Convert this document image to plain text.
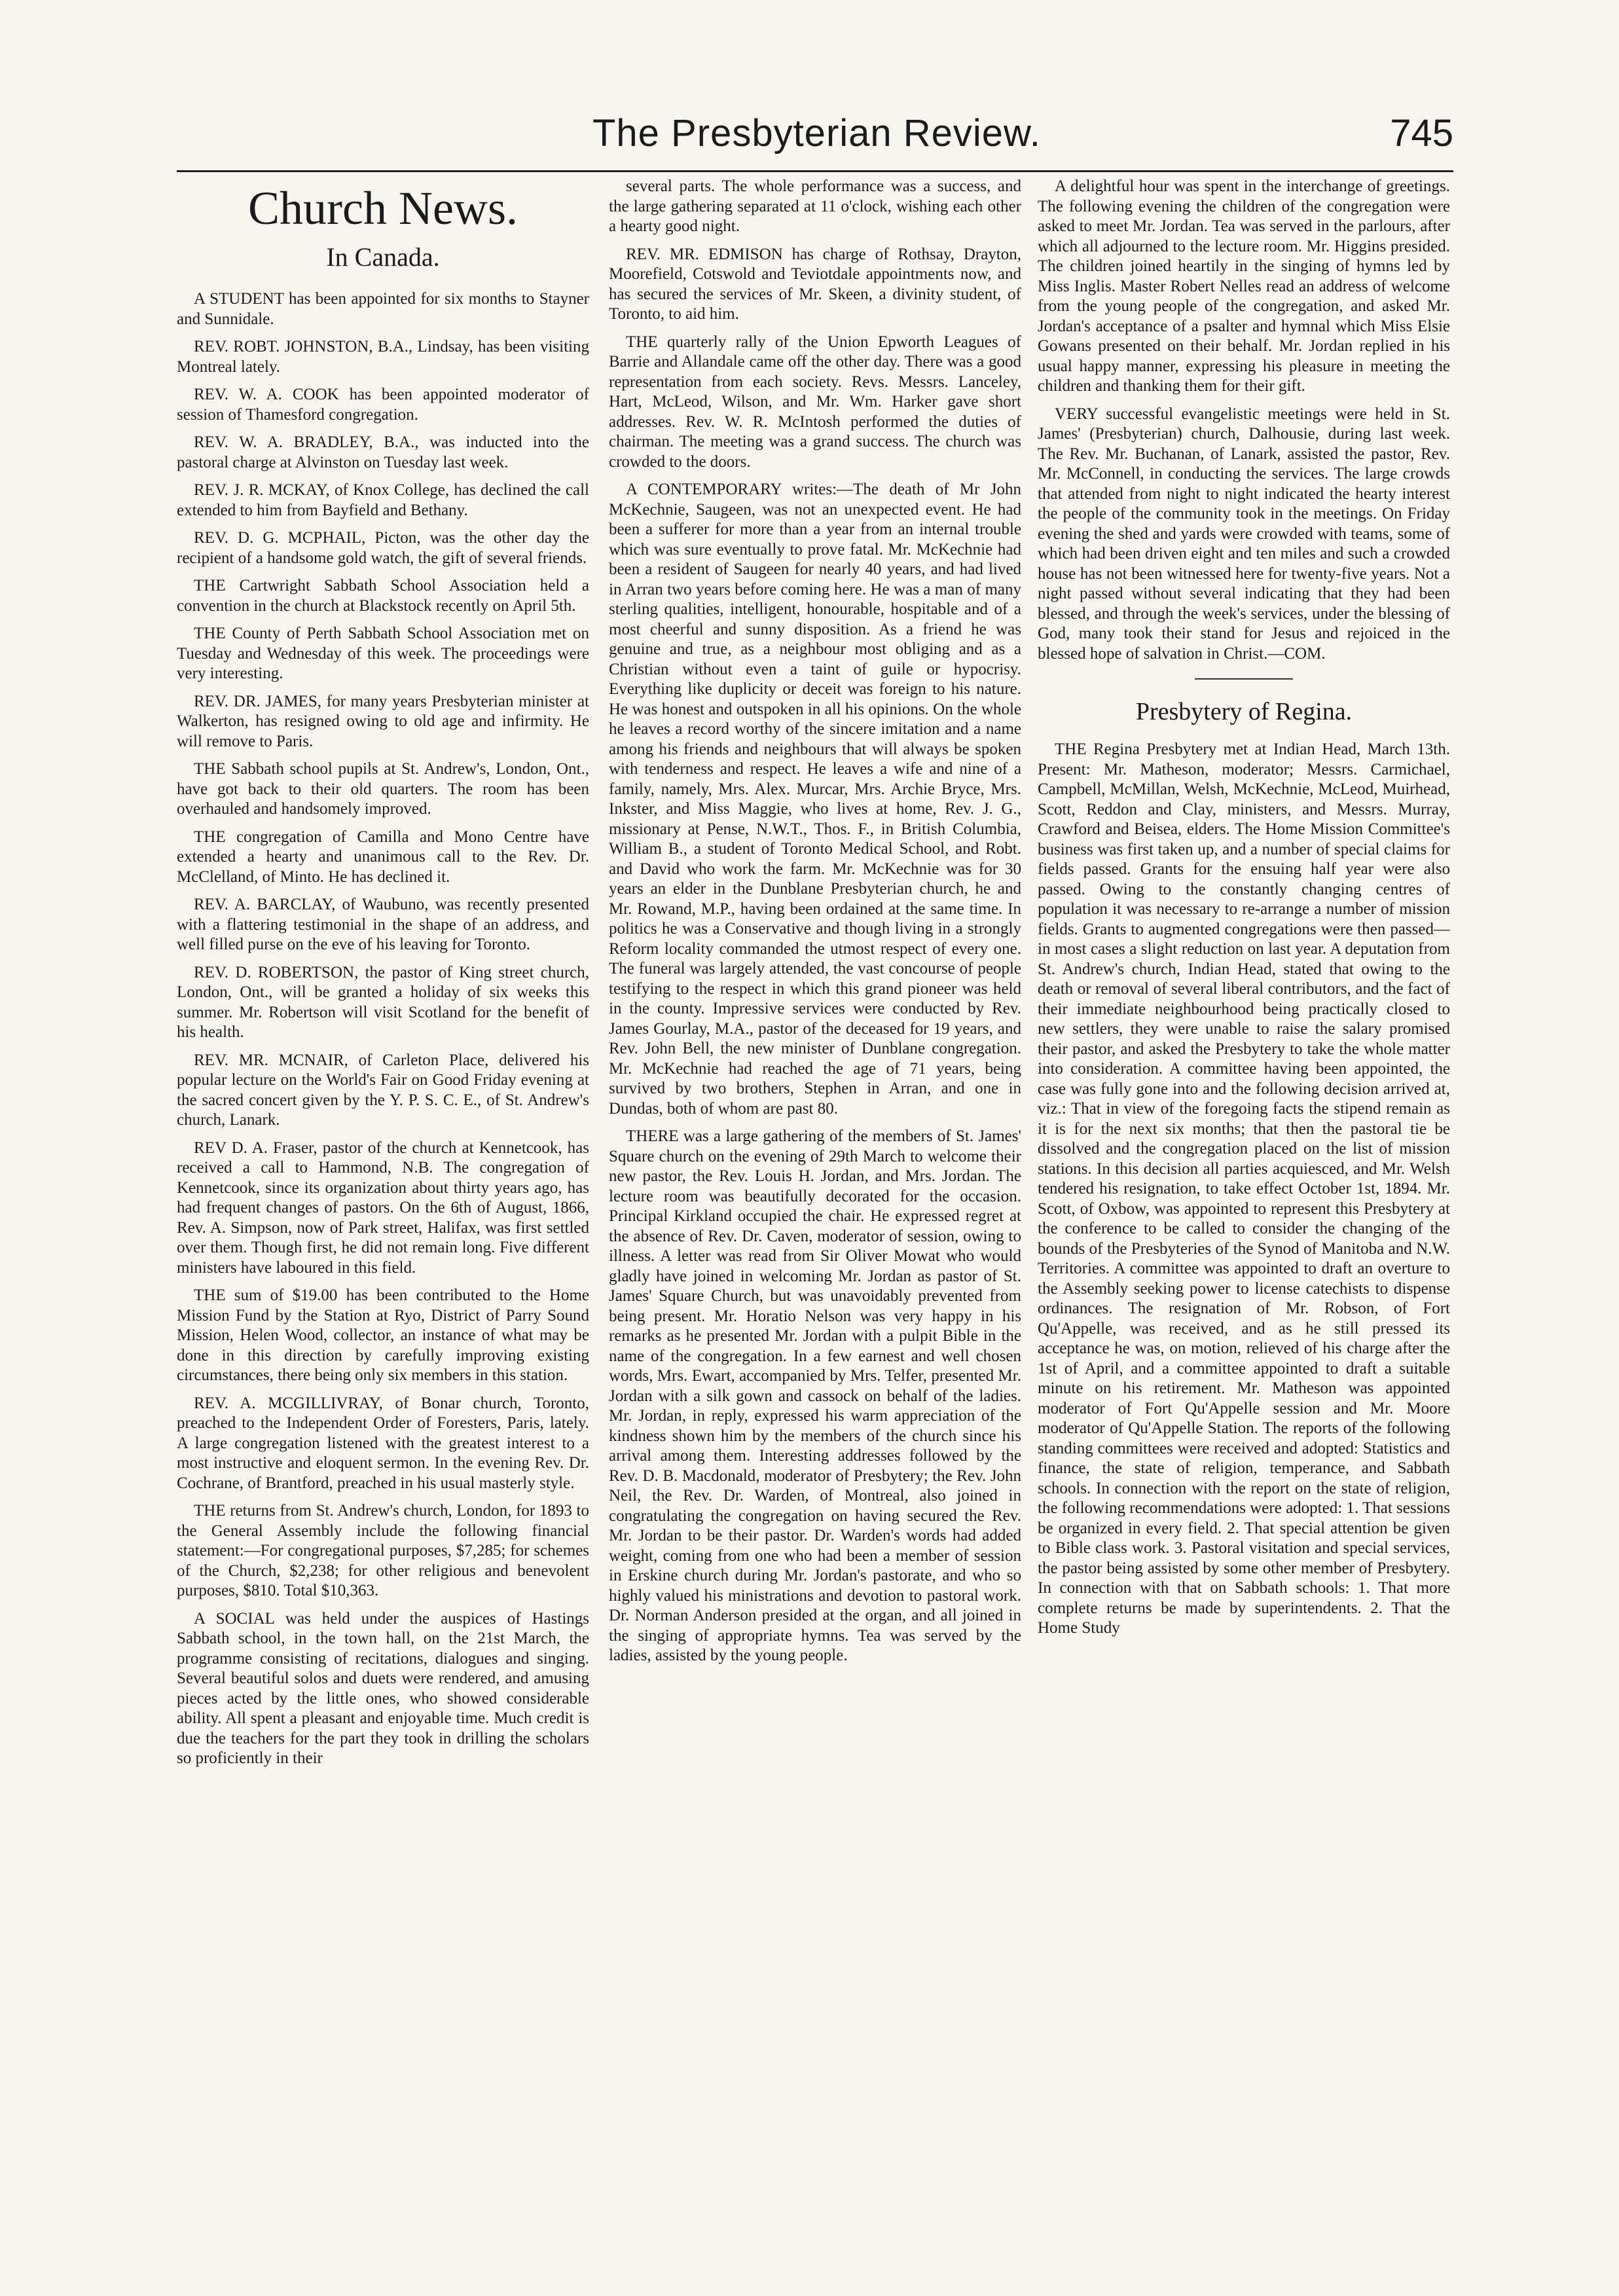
The Presbyterian Review.	745
Church News.
In Canada.

A STUDENT has been appointed for six months to Stayner and Sunnidale.

REV. ROBT. JOHNSTON, B.A., Lindsay, has been visiting Montreal lately.

REV. W. A. COOK has been appointed moderator of session of Thamesford congregation.

REV. W. A. BRADLEY, B.A., was inducted into the pastoral charge at Alvinston on Tuesday last week.

REV. J. R. MCKAY, of Knox College, has declined the call extended to him from Bayfield and Bethany.

REV. D. G. MCPHAIL, Picton, was the other day the recipient of a handsome gold watch, the gift of several friends.

THE Cartwright Sabbath School Association held a convention in the church at Blackstock recently on April 5th.

THE County of Perth Sabbath School Association met on Tuesday and Wednesday of this week. The proceedings were very interesting.

REV. DR. JAMES, for many years Presbyterian minister at Walkerton, has resigned owing to old age and infirmity. He will remove to Paris.

THE Sabbath school pupils at St. Andrew's, London, Ont., have got back to their old quarters. The room has been overhauled and handsomely improved.

THE congregation of Camilla and Mono Centre have extended a hearty and unanimous call to the Rev. Dr. McClelland, of Minto. He has declined it.

REV. A. BARCLAY, of Waubuno, was recently presented with a flattering testimonial in the shape of an address, and well filled purse on the eve of his leaving for Toronto.

REV. D. ROBERTSON, the pastor of King street church, London, Ont., will be granted a holiday of six weeks this summer. Mr. Robertson will visit Scotland for the benefit of his health.

REV. MR. MCNAIR, of Carleton Place, delivered his popular lecture on the World's Fair on Good Friday evening at the sacred concert given by the Y. P. S. C. E., of St. Andrew's church, Lanark.

REV D. A. Fraser, pastor of the church at Kennetcook, has received a call to Hammond, N.B. The congregation of Kennetcook, since its organization about thirty years ago, has had frequent changes of pastors. On the 6th of August, 1866, Rev. A. Simpson, now of Park street, Halifax, was first settled over them. Though first, he did not remain long. Five different ministers have laboured in this field.

THE sum of $19.00 has been contributed to the Home Mission Fund by the Station at Ryo, District of Parry Sound Mission, Helen Wood, collector, an instance of what may be done in this direction by carefully improving existing circumstances, there being only six members in this station.

REV. A. MCGILLIVRAY, of Bonar church, Toronto, preached to the Independent Order of Foresters, Paris, lately. A large congregation listened with the greatest interest to a most instructive and eloquent sermon. In the evening Rev. Dr. Cochrane, of Brantford, preached in his usual masterly style.

THE returns from St. Andrew's church, London, for 1893 to the General Assembly include the following financial statement:—For congregational purposes, $7,285; for schemes of the Church, $2,238; for other religious and benevolent purposes, $810. Total $10,363.

A SOCIAL was held under the auspices of Hastings Sabbath school, in the town hall, on the 21st March, the programme consisting of recitations, dialogues and singing. Several beautiful solos and duets were rendered, and amusing pieces acted by the little ones, who showed considerable ability. All spent a pleasant and enjoyable time. Much credit is due the teachers for the part they took in drilling the scholars so proficiently in their

several parts. The whole performance was a success, and the large gathering separated at 11 o'clock, wishing each other a hearty good night.

REV. MR. EDMISON has charge of Rothsay, Drayton, Moorefield, Cotswold and Teviotdale appointments now, and has secured the services of Mr. Skeen, a divinity student, of Toronto, to aid him.

THE quarterly rally of the Union Epworth Leagues of Barrie and Allandale came off the other day. There was a good representation from each society. Revs. Messrs. Lanceley, Hart, McLeod, Wilson, and Mr. Wm. Harker gave short addresses. Rev. W. R. McIntosh performed the duties of chairman. The meeting was a grand success. The church was crowded to the doors.

A CONTEMPORARY writes:—The death of Mr John McKechnie, Saugeen, was not an unexpected event. He had been a sufferer for more than a year from an internal trouble which was sure eventually to prove fatal. Mr. McKechnie had been a resident of Saugeen for nearly 40 years, and had lived in Arran two years before coming here. He was a man of many sterling qualities, intelligent, honourable, hospitable and of a most cheerful and sunny disposition. As a friend he was genuine and true, as a neighbour most obliging and as a Christian without even a taint of guile or hypocrisy. Everything like duplicity or deceit was foreign to his nature. He was honest and outspoken in all his opinions. On the whole he leaves a record worthy of the sincere imitation and a name among his friends and neighbours that will always be spoken with tenderness and respect. He leaves a wife and nine of a family, namely, Mrs. Alex. Murcar, Mrs. Archie Bryce, Mrs. Inkster, and Miss Maggie, who lives at home, Rev. J. G., missionary at Pense, N.W.T., Thos. F., in British Columbia, William B., a student of Toronto Medical School, and Robt. and David who work the farm. Mr. McKechnie was for 30 years an elder in the Dunblane Presbyterian church, he and Mr. Rowand, M.P., having been ordained at the same time. In politics he was a Conservative and though living in a strongly Reform locality commanded the utmost respect of every one. The funeral was largely attended, the vast concourse of people testifying to the respect in which this grand pioneer was held in the county. Impressive services were conducted by Rev. James Gourlay, M.A., pastor of the deceased for 19 years, and Rev. John Bell, the new minister of Dunblane congregation. Mr. McKechnie had reached the age of 71 years, being survived by two brothers, Stephen in Arran, and one in Dundas, both of whom are past 80.

THERE was a large gathering of the members of St. James' Square church on the evening of 29th March to welcome their new pastor, the Rev. Louis H. Jordan, and Mrs. Jordan. The lecture room was beautifully decorated for the occasion. Principal Kirkland occupied the chair. He expressed regret at the absence of Rev. Dr. Caven, moderator of session, owing to illness. A letter was read from Sir Oliver Mowat who would gladly have joined in welcoming Mr. Jordan as pastor of St. James' Square Church, but was unavoidably prevented from being present. Mr. Horatio Nelson was very happy in his remarks as he presented Mr. Jordan with a pulpit Bible in the name of the congregation. In a few earnest and well chosen words, Mrs. Ewart, accompanied by Mrs. Telfer, presented Mr. Jordan with a silk gown and cassock on behalf of the ladies. Mr. Jordan, in reply, expressed his warm appreciation of the kindness shown him by the members of the church since his arrival among them. Interesting addresses followed by the Rev. D. B. Macdonald, moderator of Presbytery; the Rev. John Neil, the Rev. Dr. Warden, of Montreal, also joined in congratulating the congregation on having secured the Rev. Mr. Jordan to be their pastor. Dr. Warden's words had added weight, coming from one who had been a member of session in Erskine church during Mr. Jordan's pastorate, and who so highly valued his ministrations and devotion to pastoral work. Dr. Norman Anderson presided at the organ, and all joined in the singing of appropriate hymns. Tea was served by the ladies, assisted by the young people.

A delightful hour was spent in the interchange of greetings. The following evening the children of the congregation were asked to meet Mr. Jordan. Tea was served in the parlours, after which all adjourned to the lecture room. Mr. Higgins presided. The children joined heartily in the singing of hymns led by Miss Inglis. Master Robert Nelles read an address of welcome from the young people of the congregation, and asked Mr. Jordan's acceptance of a psalter and hymnal which Miss Elsie Gowans presented on their behalf. Mr. Jordan replied in his usual happy manner, expressing his pleasure in meeting the children and thanking them for their gift.

VERY successful evangelistic meetings were held in St. James' (Presbyterian) church, Dalhousie, during last week. The Rev. Mr. Buchanan, of Lanark, assisted the pastor, Rev. Mr. McConnell, in conducting the services. The large crowds that attended from night to night indicated the hearty interest the people of the community took in the meetings. On Friday evening the shed and yards were crowded with teams, some of which had been driven eight and ten miles and such a crowded house has not been witnessed here for twenty-five years. Not a night passed without several indicating that they had been blessed, and through the week's services, under the blessing of God, many took their stand for Jesus and rejoiced in the blessed hope of salvation in Christ.—COM.

Presbytery of Regina.

THE Regina Presbytery met at Indian Head, March 13th. Present: Mr. Matheson, moderator; Messrs. Carmichael, Campbell, McMillan, Welsh, McKechnie, McLeod, Muirhead, Scott, Reddon and Clay, ministers, and Messrs. Murray, Crawford and Beisea, elders. The Home Mission Committee's business was first taken up, and a number of special claims for fields passed. Grants for the ensuing half year were also passed. Owing to the constantly changing centres of population it was necessary to re-arrange a number of mission fields. Grants to augmented congregations were then passed—in most cases a slight reduction on last year. A deputation from St. Andrew's church, Indian Head, stated that owing to the death or removal of several liberal contributors, and the fact of their immediate neighbourhood being practically closed to new settlers, they were unable to raise the salary promised their pastor, and asked the Presbytery to take the whole matter into consideration. A committee having been appointed, the case was fully gone into and the following decision arrived at, viz.: That in view of the foregoing facts the stipend remain as it is for the next six months; that then the pastoral tie be dissolved and the congregation placed on the list of mission stations. In this decision all parties acquiesced, and Mr. Welsh tendered his resignation, to take effect October 1st, 1894. Mr. Scott, of Oxbow, was appointed to represent this Presbytery at the conference to be called to consider the changing of the bounds of the Presbyteries of the Synod of Manitoba and N.W. Territories. A committee was appointed to draft an overture to the Assembly seeking power to license catechists to dispense ordinances. The resignation of Mr. Robson, of Fort Qu'Appelle, was received, and as he still pressed its acceptance he was, on motion, relieved of his charge after the 1st of April, and a committee appointed to draft a suitable minute on his retirement. Mr. Matheson was appointed moderator of Fort Qu'Appelle session and Mr. Moore moderator of Qu'Appelle Station. The reports of the following standing committees were received and adopted: Statistics and finance, the state of religion, temperance, and Sabbath schools. In connection with the report on the state of religion, the following recommendations were adopted: 1. That sessions be organized in every field. 2. That special attention be given to Bible class work. 3. Pastoral visitation and special services, the pastor being assisted by some other member of Presbytery. In connection with that on Sabbath schools: 1. That more complete returns be made by superintendents. 2. That the Home Study
